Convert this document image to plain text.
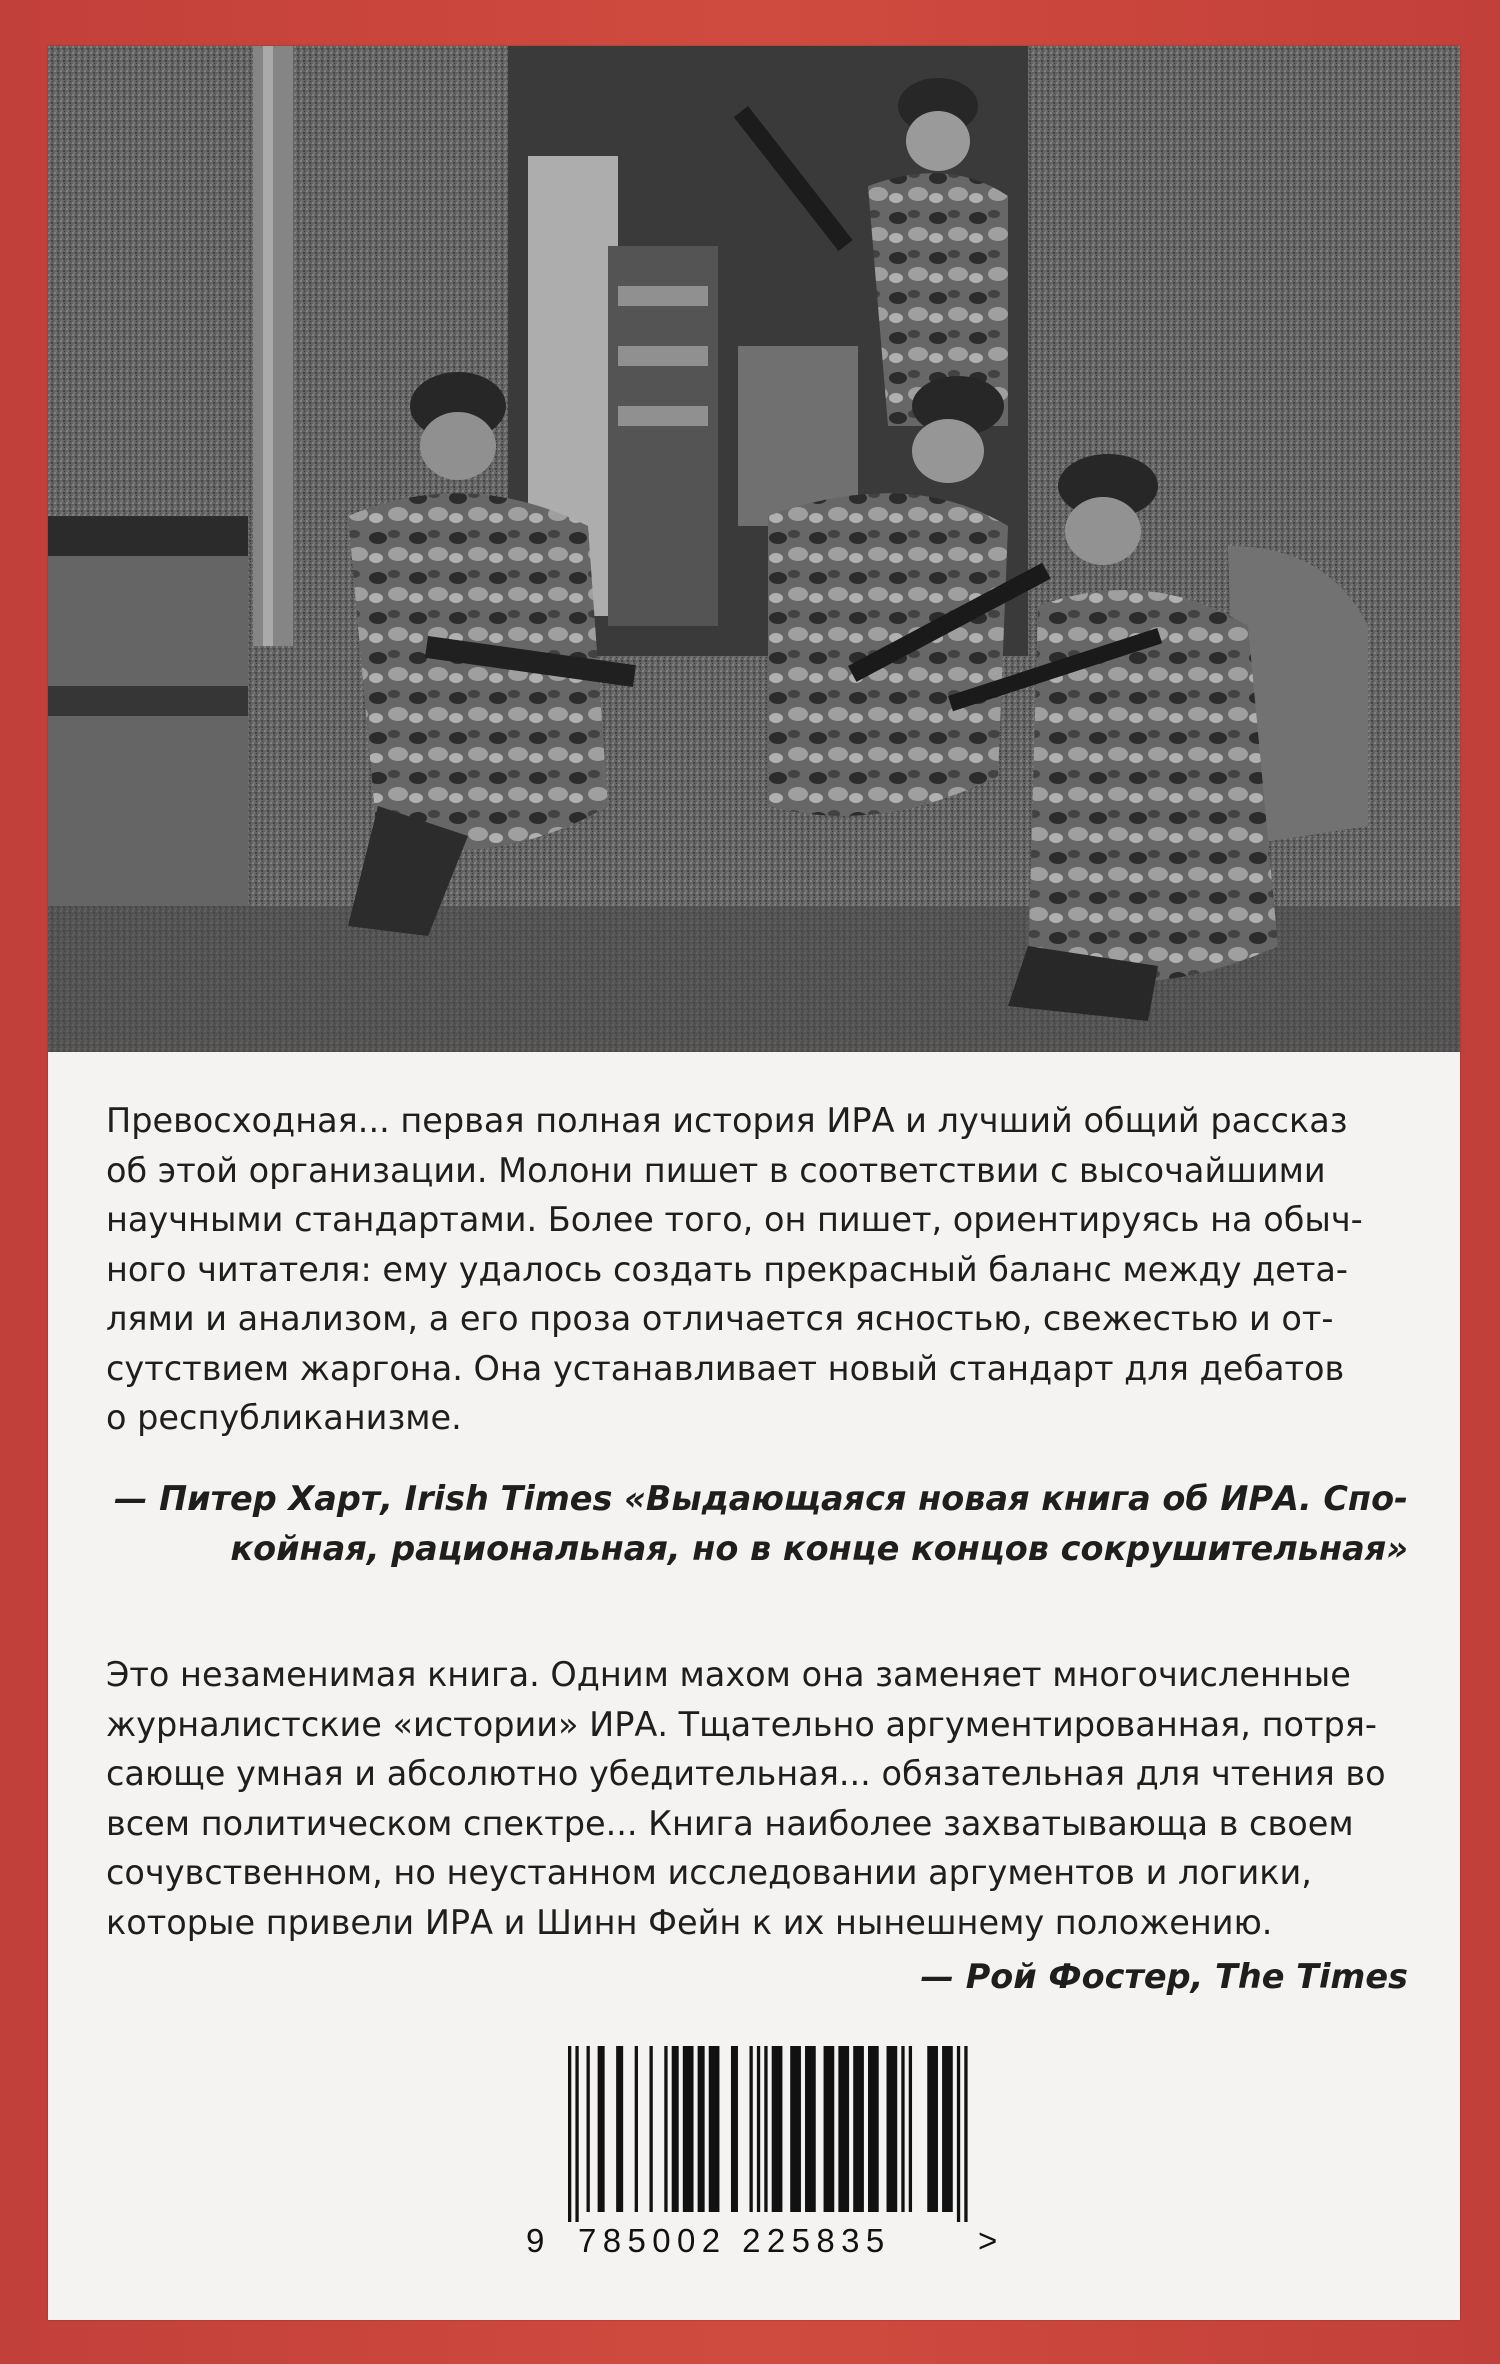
Превосходная... первая полная история ИРА и лучший общий рассказ
об этой организации. Молони пишет в соответствии с высочайшими
научными стандартами. Более того, он пишет, ориентируясь на обыч-
ного читателя: ему удалось создать прекрасный баланс между дета-
лями и анализом, а его проза отличается ясностью, свежестью и от-
сутствием жаргона. Она устанавливает новый стандарт для дебатов
о республиканизме.

— Питер Харт, Irish Times «Выдающаяся новая книга об ИРА. Спо-
койная, рациональная, но в конце концов сокрушительная»

Это незаменимая книга. Одним махом она заменяет многочисленные
журналистские «истории» ИРА. Тщательно аргументированная, потря-
сающе умная и абсолютно убедительная... обязательная для чтения во
всем политическом спектре... Книга наиболее захватывающа в своем
сочувственном, но неустанном исследовании аргументов и логики,
которые привели ИРА и Шинн Фейн к их нынешнему положению.

— Рой Фостер, The Times
9 785002 225835	>
